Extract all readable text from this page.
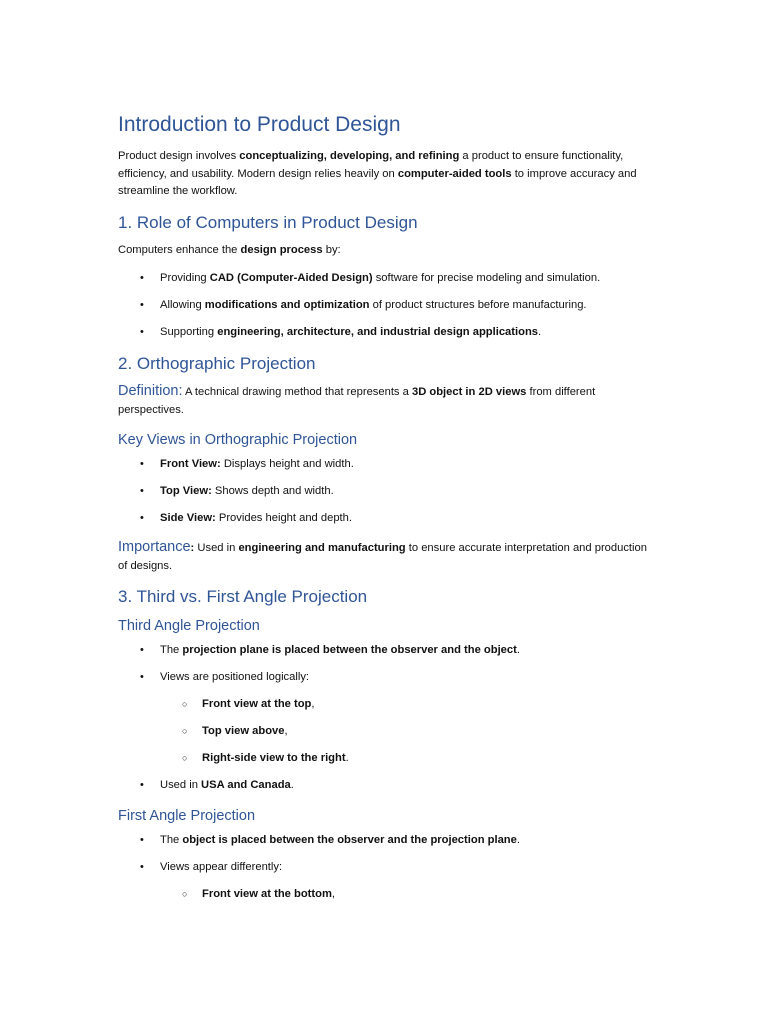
Introduction to Product Design

Product design involves conceptualizing, developing, and refining a product to ensure functionality, efficiency, and usability. Modern design relies heavily on computer-aided tools to improve accuracy and streamline the workflow.

1. Role of Computers in Product Design

Computers enhance the design process by:

• Providing CAD (Computer-Aided Design) software for precise modeling and simulation.
• Allowing modifications and optimization of product structures before manufacturing.
• Supporting engineering, architecture, and industrial design applications.
2. Orthographic Projection

Definition: A technical drawing method that represents a 3D object in 2D views from different perspectives.

Key Views in Orthographic Projection
• Front View: Displays height and width.
• Top View: Shows depth and width.
• Side View: Provides height and depth.

Importance: Used in engineering and manufacturing to ensure accurate interpretation and production of designs.

3. Third vs. First Angle Projection
Third Angle Projection
• The projection plane is placed between the observer and the object.
• Views are positioned logically:
○ Front view at the top,
○ Top view above,
○ Right-side view to the right.
• Used in USA and Canada.
First Angle Projection
• The object is placed between the observer and the projection plane.
• Views appear differently:
○ Front view at the bottom,
